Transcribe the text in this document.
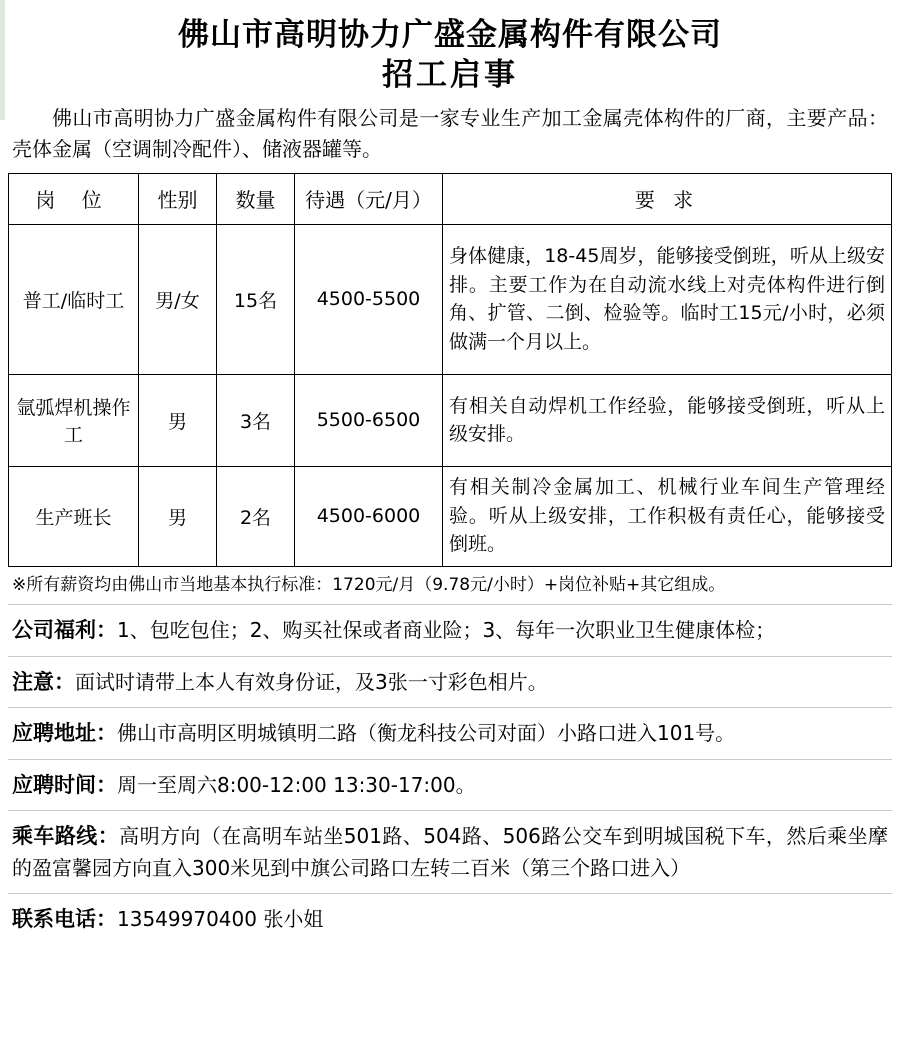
佛山市高明协力广盛金属构件有限公司
招工启事
佛山市高明协力广盛金属构件有限公司是一家专业生产加工金属壳体构件的厂商，主要产品：壳体金属（空调制冷配件）、储液器罐等。
岗 位	性别	数量	待遇（元/月）	要 求
普工/临时工	男/女	15名	4500-5500	身体健康，18-45周岁，能够接受倒班，听从上级安排。主要工作为在自动流水线上对壳体构件进行倒角、扩管、二倒、检验等。临时工15元/小时，必须做满一个月以上。
氩弧焊机操作工	男	3名	5500-6500	有相关自动焊机工作经验，能够接受倒班，听从上级安排。
生产班长	男	2名	4500-6000	有相关制冷金属加工、机械行业车间生产管理经验。听从上级安排，工作积极有责任心，能够接受倒班。
※所有薪资均由佛山市当地基本执行标准：1720元/月（9.78元/小时）+岗位补贴+其它组成。
公司福利：1、包吃包住；2、购买社保或者商业险；3、每年一次职业卫生健康体检；
注意：面试时请带上本人有效身份证，及3张一寸彩色相片。
应聘地址：佛山市高明区明城镇明二路（衡龙科技公司对面）小路口进入101号。
应聘时间：周一至周六8:00-12:00 13:30-17:00。
乘车路线：高明方向（在高明车站坐501路、504路、506路公交车到明城国税下车，然后乘坐摩的盈富馨园方向直入300米见到中旗公司路口左转二百米（第三个路口进入）
联系电话：13549970400 张小姐
